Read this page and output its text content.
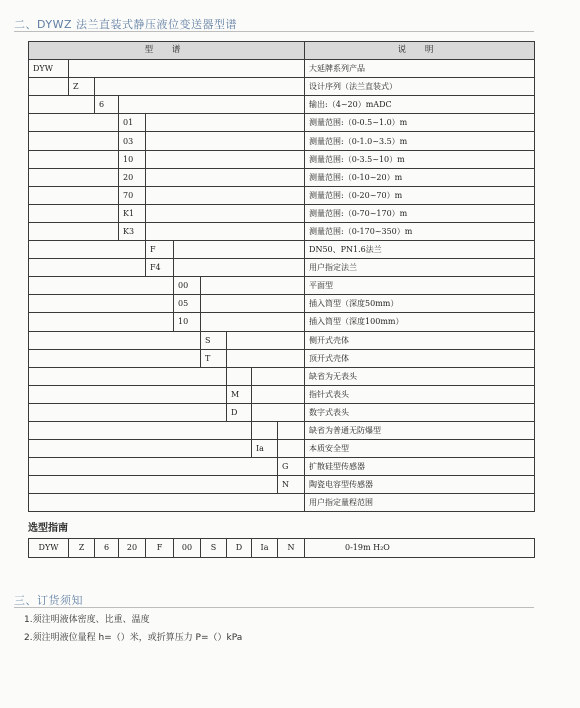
二、DYWZ 法兰直装式静压液位变送器型谱
型 谱										说 明
DYW										大延牌系列产品
	Z									设计序列（法兰直装式）
		6								输出:（4~20）mADC
			01							测量范围:（0-0.5~1.0）m
			03							测量范围:（0-1.0~3.5）m
			10							测量范围:（0-3.5~10）m
			20							测量范围:（0-10~20）m
			70							测量范围:（0-20~70）m
			K1							测量范围:（0-70~170）m
			K3							测量范围:（0-170~350）m
				F						DN50、PN1.6法兰
				F4						用户指定法兰
					00					平面型
					05					插入筒型（深度50mm）
					10					插入筒型（深度100mm）
						S				侧开式壳体
						T				顶开式壳体
										缺省为无表头
							M			指针式表头
							D			数字式表头
										缺省为普通无防爆型
								Ia		本质安全型
									G	扩散硅型传感器
									N	陶瓷电容型传感器
										用户指定量程范围
选型指南
DYW	Z	6	20	F	00	S	D	Ia	N	0-19m H₂O
三、订货须知
1.须注明液体密度、比重、温度
2.须注明液位量程 h=（）米，或折算压力 P=（）kPa
